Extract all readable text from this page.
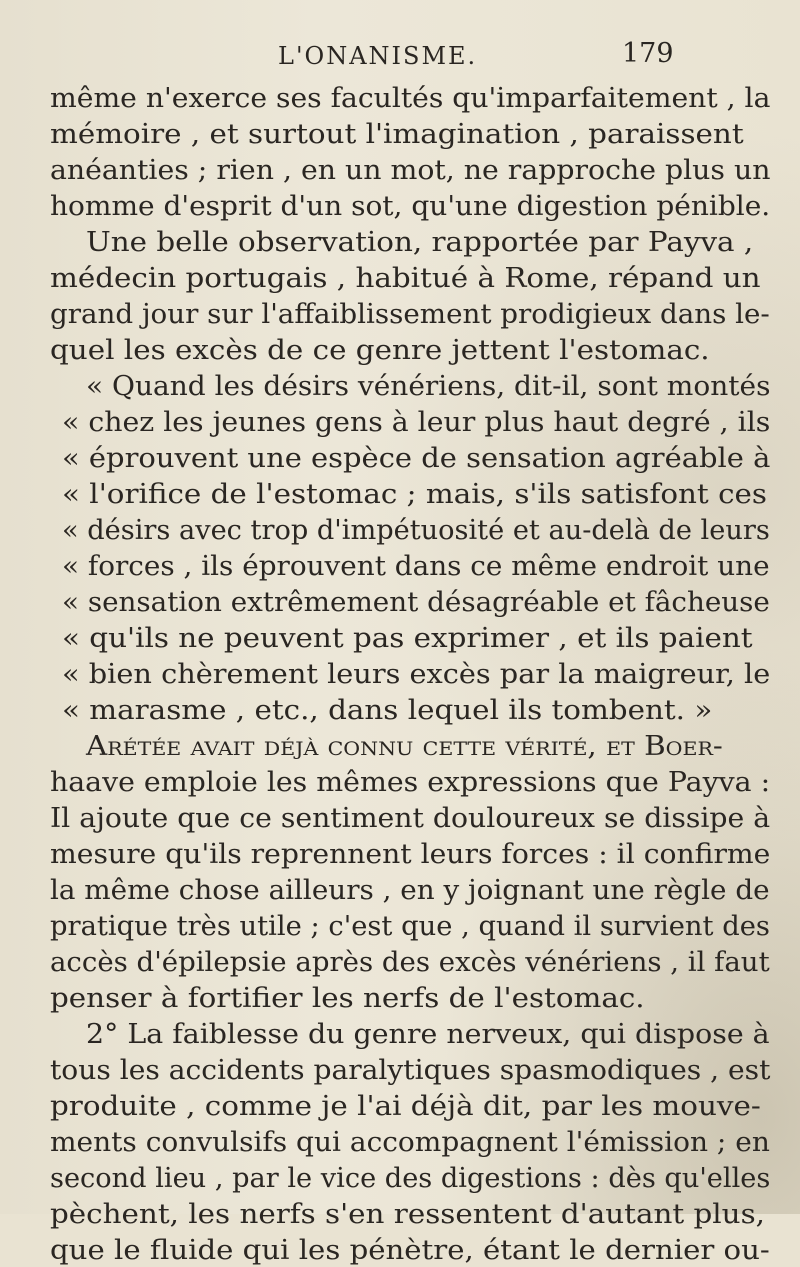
L'ONANISME.	179
même n'exerce ses facultés qu'imparfaitement , la
mémoire , et surtout l'imagination , paraissent
anéanties ; rien , en un mot, ne rapproche plus un
homme d'esprit d'un sot, qu'une digestion pénible.
Une belle observation, rapportée par Payva ,
médecin portugais , habitué à Rome, répand un
grand jour sur l'affaiblissement prodigieux dans le-
quel les excès de ce genre jettent l'estomac.
« Quand les désirs vénériens, dit-il, sont montés
« chez les jeunes gens à leur plus haut degré , ils
« éprouvent une espèce de sensation agréable à
« l'orifice de l'estomac ; mais, s'ils satisfont ces
« désirs avec trop d'impétuosité et au-delà de leurs
« forces , ils éprouvent dans ce même endroit une
« sensation extrêmement désagréable et fâcheuse
« qu'ils ne peuvent pas exprimer , et ils paient
« bien chèrement leurs excès par la maigreur, le
« marasme , etc., dans lequel ils tombent. »
Arétée avait déjà connu cette vérité, et Boer-
haave emploie les mêmes expressions que Payva :
Il ajoute que ce sentiment douloureux se dissipe à
mesure qu'ils reprennent leurs forces : il confirme
la même chose ailleurs , en y joignant une règle de
pratique très utile ; c'est que , quand il survient des
accès d'épilepsie après des excès vénériens , il faut
penser à fortifier les nerfs de l'estomac.
2° La faiblesse du genre nerveux, qui dispose à
tous les accidents paralytiques spasmodiques , est
produite , comme je l'ai déjà dit, par les mouve-
ments convulsifs qui accompagnent l'émission ; en
second lieu , par le vice des digestions : dès qu'elles
pèchent, les nerfs s'en ressentent d'autant plus,
que le fluide qui les pénètre, étant le dernier ou-
